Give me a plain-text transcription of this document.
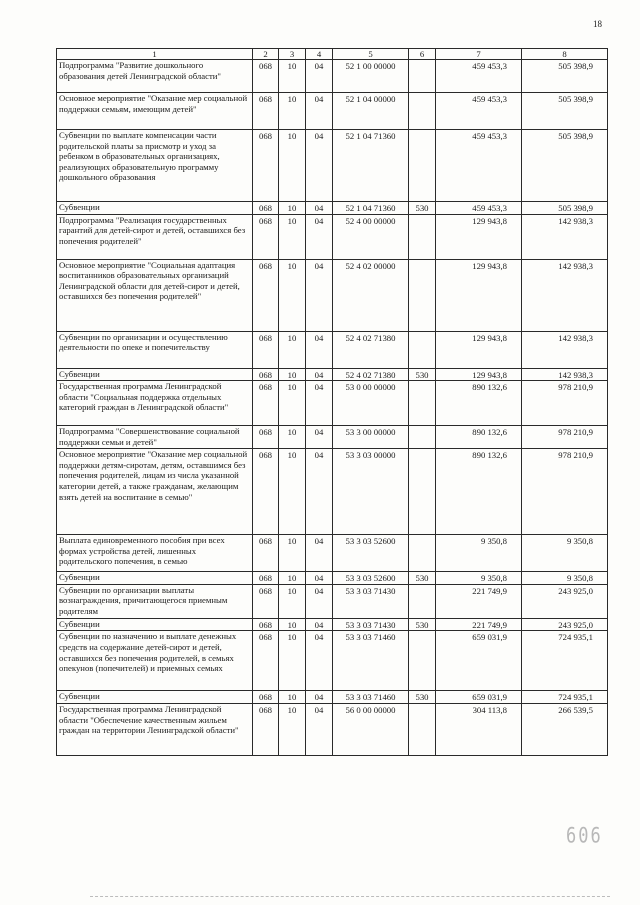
18
1	2	3	4	5	6	7	8
Подпрограмма "Развитие дошкольного образования детей Ленинградской области"	068	10	04	52 1 00 00000		459 453,3	505 398,9
Основное мероприятие "Оказание мер социальной поддержки семьям, имеющим детей"	068	10	04	52 1 04 00000		459 453,3	505 398,9
Субвенции по выплате компенсации части родительской платы за присмотр и уход за ребенком в образовательных организациях, реализующих образовательную программу дошкольного образования	068	10	04	52 1 04 71360		459 453,3	505 398,9
Субвенции	068	10	04	52 1 04 71360	530	459 453,3	505 398,9
Подпрограмма "Реализация государственных гарантий для детей-сирот и детей, оставшихся без попечения родителей"	068	10	04	52 4 00 00000		129 943,8	142 938,3
Основное мероприятие "Социальная адаптация воспитанников образовательных организаций Ленинградской области для детей-сирот и детей, оставшихся без попечения родителей"	068	10	04	52 4 02 00000		129 943,8	142 938,3
Субвенции по организации и осуществлению деятельности по опеке и попечительству	068	10	04	52 4 02 71380		129 943,8	142 938,3
Субвенции	068	10	04	52 4 02 71380	530	129 943,8	142 938,3
Государственная программа Ленинградской области "Социальная поддержка отдельных категорий граждан в Ленинградской области"	068	10	04	53 0 00 00000		890 132,6	978 210,9
Подпрограмма "Совершенствование социальной поддержки семьи и детей"	068	10	04	53 3 00 00000		890 132,6	978 210,9
Основное мероприятие "Оказание мер социальной поддержки детям-сиротам, детям, оставшимся без попечения родителей, лицам из числа указанной категории детей, а также гражданам, желающим взять детей на воспитание в семью"	068	10	04	53 3 03 00000		890 132,6	978 210,9
Выплата единовременного пособия при всех формах устройства детей, лишенных родительского попечения, в семью	068	10	04	53 3 03 52600		9 350,8	9 350,8
Субвенции	068	10	04	53 3 03 52600	530	9 350,8	9 350,8
Субвенции по организации выплаты вознаграждения, причитающегося приемным родителям	068	10	04	53 3 03 71430		221 749,9	243 925,0
Субвенции	068	10	04	53 3 03 71430	530	221 749,9	243 925,0
Субвенции по назначению и выплате денежных средств на содержание детей-сирот и детей, оставшихся без попечения родителей, в семьях опекунов (попечителей) и приемных семьях	068	10	04	53 3 03 71460		659 031,9	724 935,1
Субвенции	068	10	04	53 3 03 71460	530	659 031,9	724 935,1
Государственная программа Ленинградской области "Обеспечение качественным жильем граждан на территории Ленинградской области"	068	10	04	56 0 00 00000		304 113,8	266 539,5
606
